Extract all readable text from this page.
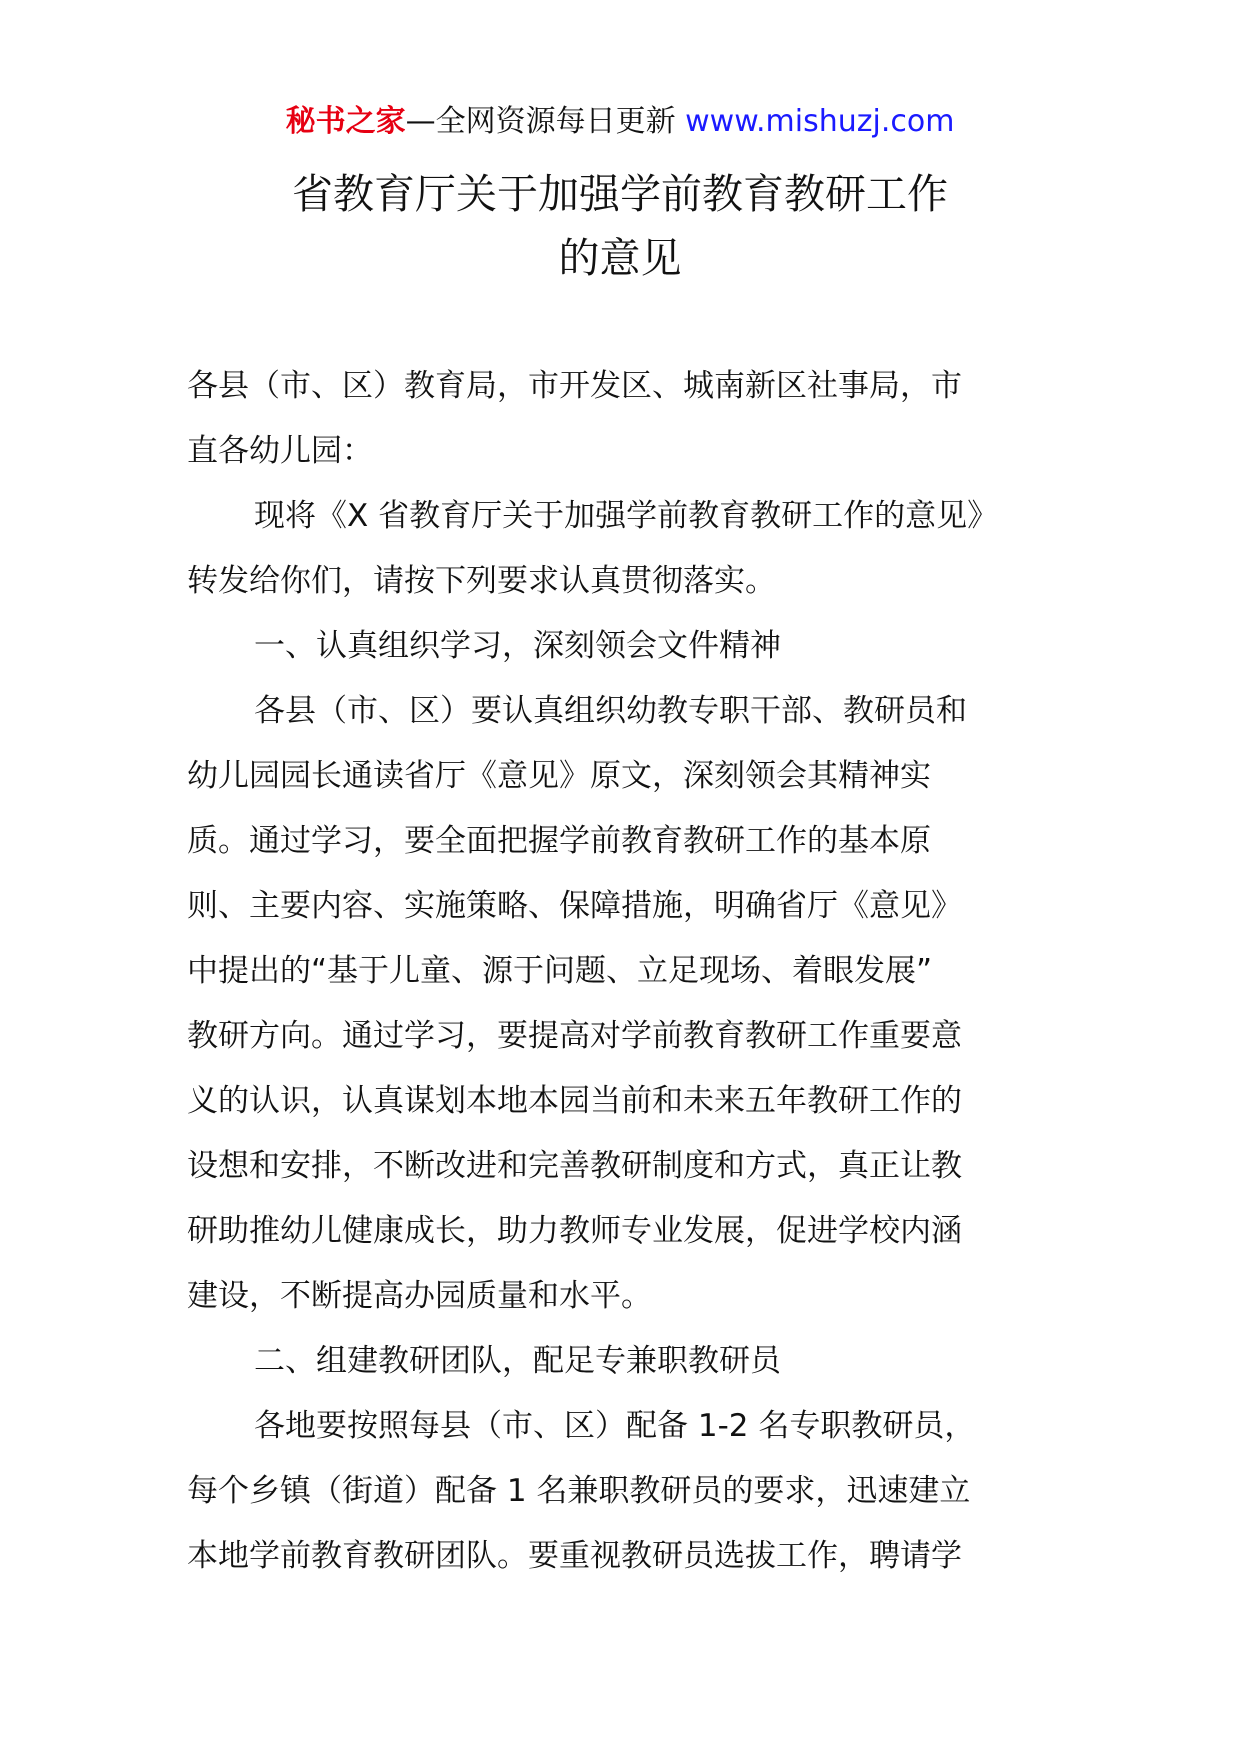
秘书之家—全网资源每日更新 www.mishuzj.com
省教育厅关于加强学前教育教研工作
的意见
各县（市、区）教育局，市开发区、城南新区社事局，市
直各幼儿园：
现将《X 省教育厅关于加强学前教育教研工作的意见》
转发给你们，请按下列要求认真贯彻落实。
一、认真组织学习，深刻领会文件精神
各县（市、区）要认真组织幼教专职干部、教研员和
幼儿园园长通读省厅《意见》原文，深刻领会其精神实
质。通过学习，要全面把握学前教育教研工作的基本原
则、主要内容、实施策略、保障措施，明确省厅《意见》
中提出的“基于儿童、源于问题、立足现场、着眼发展”
教研方向。通过学习，要提高对学前教育教研工作重要意
义的认识，认真谋划本地本园当前和未来五年教研工作的
设想和安排，不断改进和完善教研制度和方式，真正让教
研助推幼儿健康成长，助力教师专业发展，促进学校内涵
建设，不断提高办园质量和水平。
二、组建教研团队，配足专兼职教研员
各地要按照每县（市、区）配备 1-2 名专职教研员，
每个乡镇（街道）配备 1 名兼职教研员的要求，迅速建立
本地学前教育教研团队。要重视教研员选拔工作，聘请学
